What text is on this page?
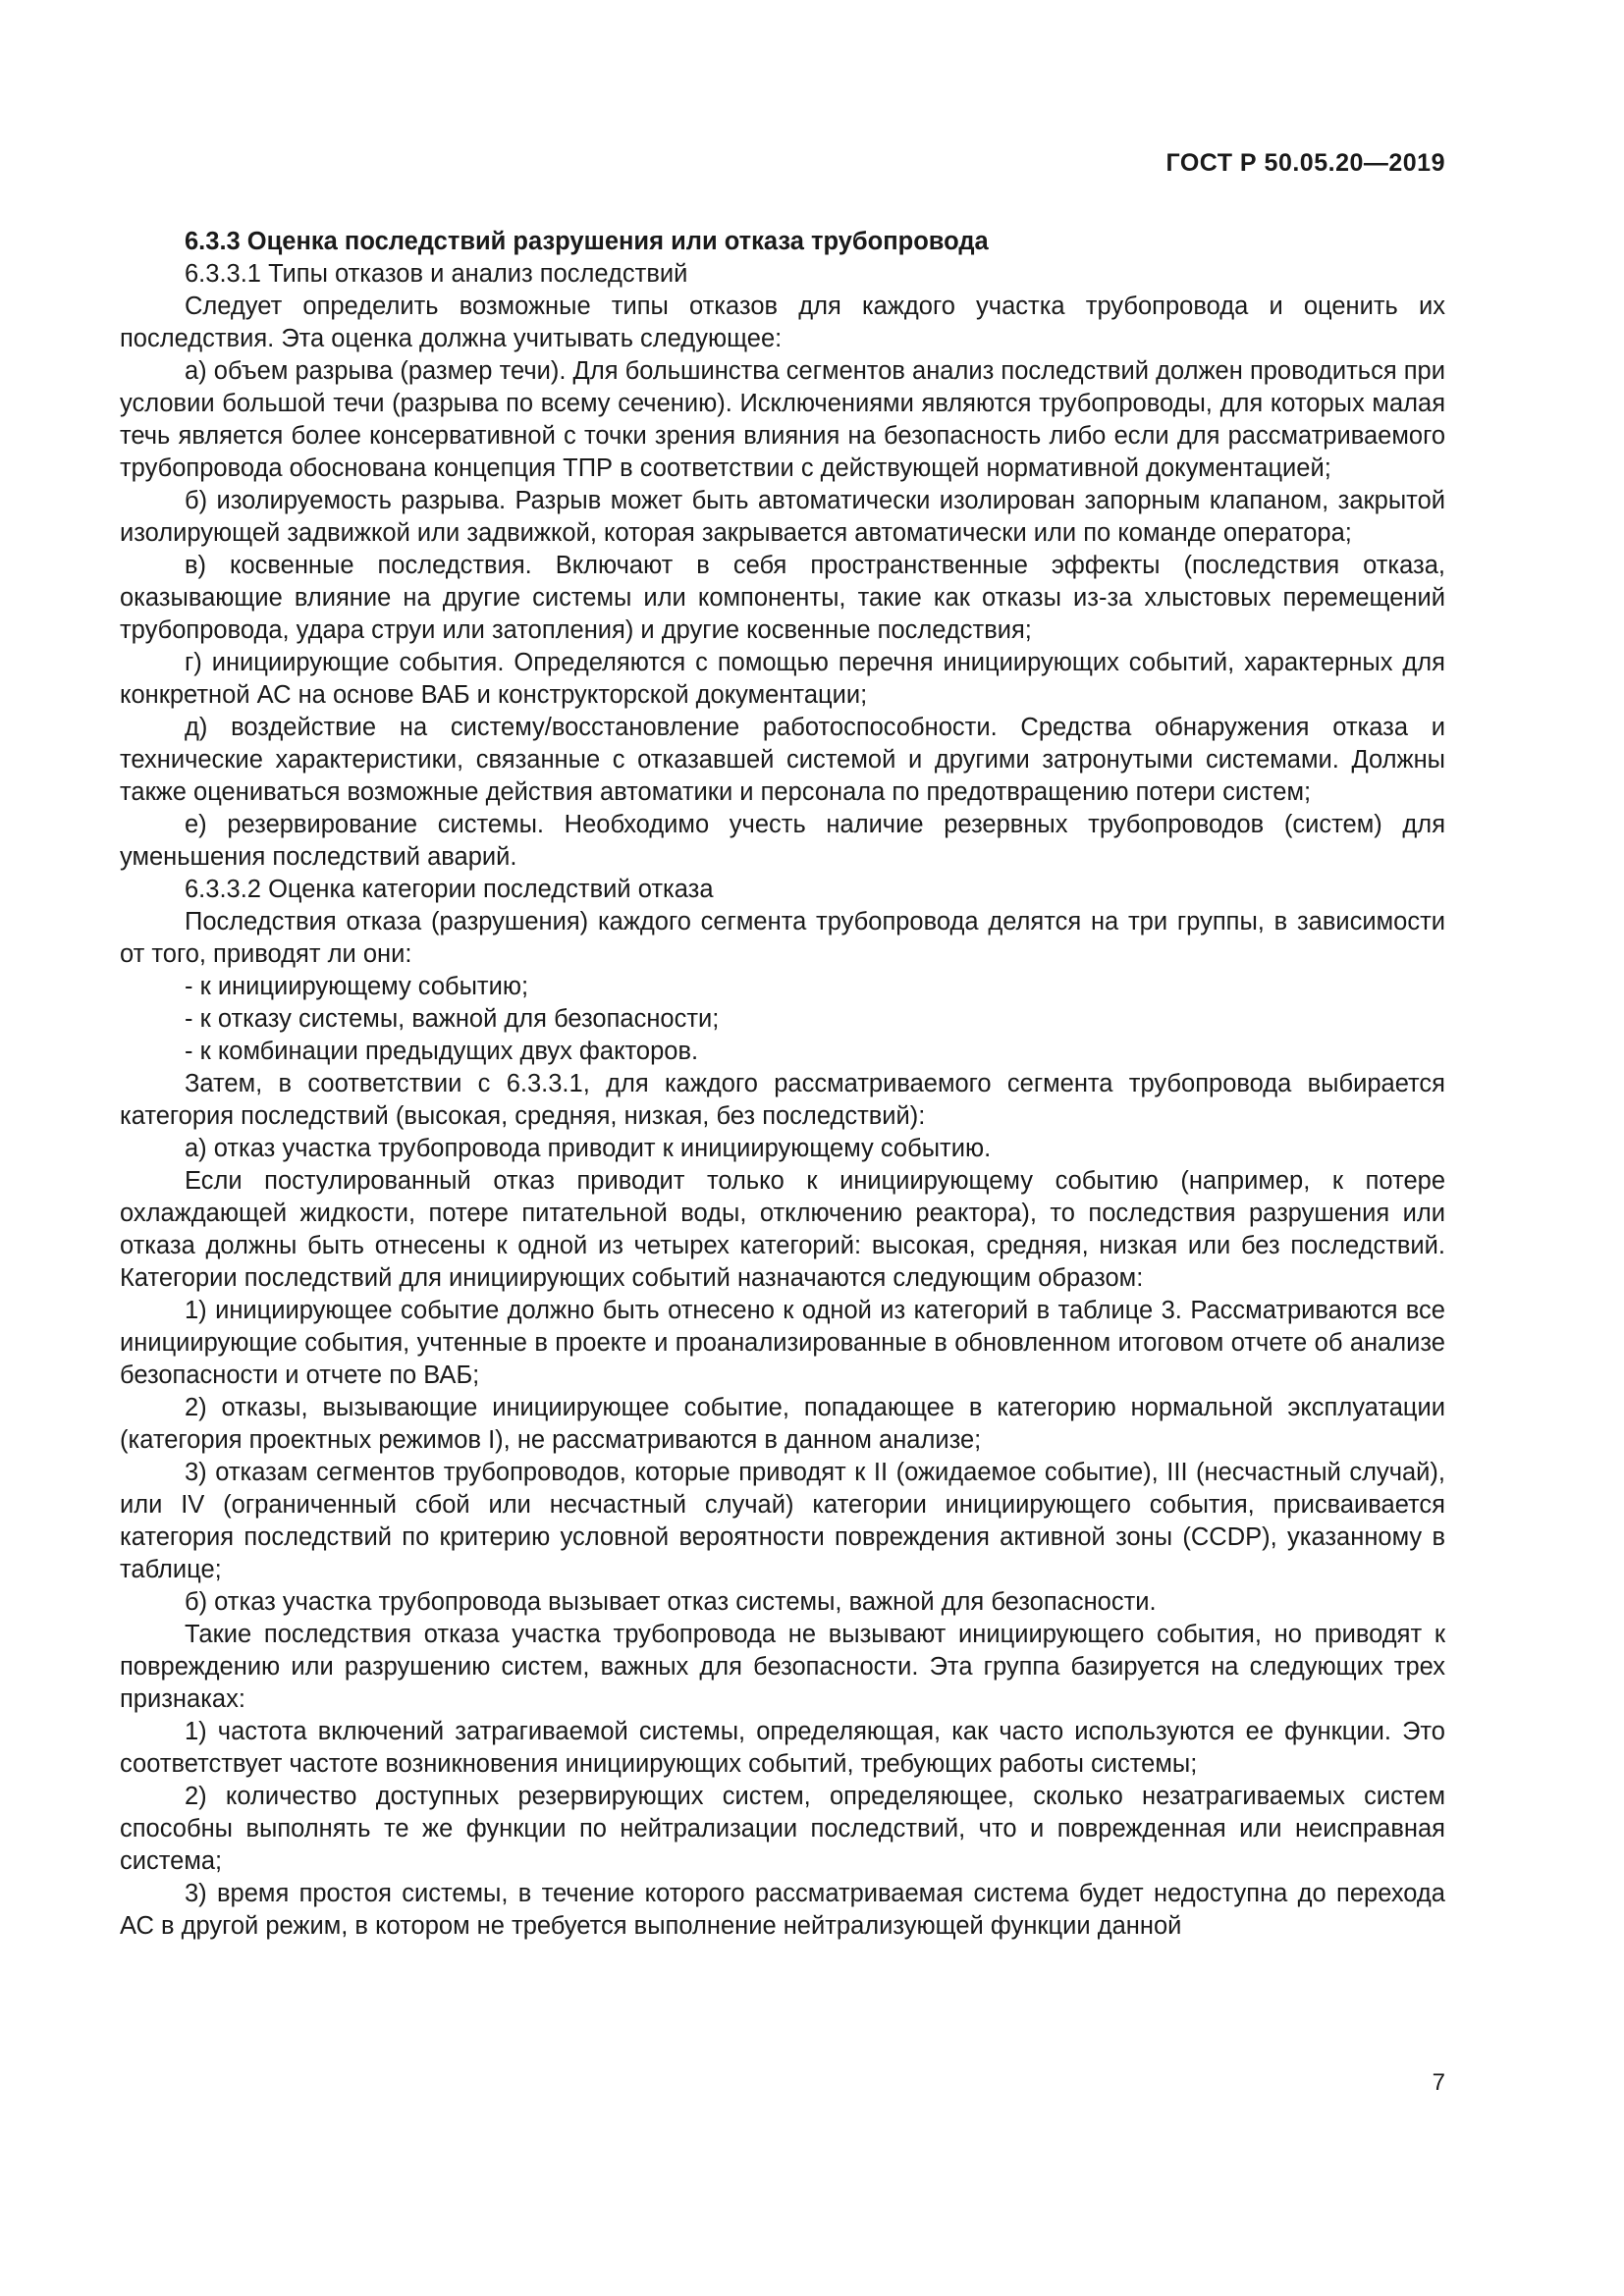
ГОСТ Р 50.05.20—2019

6.3.3 Оценка последствий разрушения или отказа трубопровода

6.3.3.1 Типы отказов и анализ последствий

Следует определить возможные типы отказов для каждого участка трубопровода и оценить их последствия. Эта оценка должна учитывать следующее:

а) объем разрыва (размер течи). Для большинства сегментов анализ последствий должен проводиться при условии большой течи (разрыва по всему сечению). Исключениями являются трубопроводы, для которых малая течь является более консервативной с точки зрения влияния на безопасность либо если для рассматриваемого трубопровода обоснована концепция ТПР в соответствии с действующей нормативной документацией;

б) изолируемость разрыва. Разрыв может быть автоматически изолирован запорным клапаном, закрытой изолирующей задвижкой или задвижкой, которая закрывается автоматически или по команде оператора;

в) косвенные последствия. Включают в себя пространственные эффекты (последствия отказа, оказывающие влияние на другие системы или компоненты, такие как отказы из-за хлыстовых перемещений трубопровода, удара струи или затопления) и другие косвенные последствия;

г) инициирующие события. Определяются с помощью перечня инициирующих событий, характерных для конкретной АС на основе ВАБ и конструкторской документации;

д) воздействие на систему/восстановление работоспособности. Средства обнаружения отказа и технические характеристики, связанные с отказавшей системой и другими затронутыми системами. Должны также оцениваться возможные действия автоматики и персонала по предотвращению потери систем;

е) резервирование системы. Необходимо учесть наличие резервных трубопроводов (систем) для уменьшения последствий аварий.

6.3.3.2 Оценка категории последствий отказа

Последствия отказа (разрушения) каждого сегмента трубопровода делятся на три группы, в зависимости от того, приводят ли они:

- к инициирующему событию;

- к отказу системы, важной для безопасности;

- к комбинации предыдущих двух факторов.

Затем, в соответствии с 6.3.3.1, для каждого рассматриваемого сегмента трубопровода выбирается категория последствий (высокая, средняя, низкая, без последствий):

а) отказ участка трубопровода приводит к инициирующему событию.

Если постулированный отказ приводит только к инициирующему событию (например, к потере охлаждающей жидкости, потере питательной воды, отключению реактора), то последствия разрушения или отказа должны быть отнесены к одной из четырех категорий: высокая, средняя, низкая или без последствий. Категории последствий для инициирующих событий назначаются следующим образом:

1) инициирующее событие должно быть отнесено к одной из категорий в таблице 3. Рассматриваются все инициирующие события, учтенные в проекте и проанализированные в обновленном итоговом отчете об анализе безопасности и отчете по ВАБ;

2) отказы, вызывающие инициирующее событие, попадающее в категорию нормальной эксплуатации (категория проектных режимов I), не рассматриваются в данном анализе;

3) отказам сегментов трубопроводов, которые приводят к II (ожидаемое событие), III (несчастный случай), или IV (ограниченный сбой или несчастный случай) категории инициирующего события, присваивается категория последствий по критерию условной вероятности повреждения активной зоны (CCDP), указанному в таблице;

б) отказ участка трубопровода вызывает отказ системы, важной для безопасности.

Такие последствия отказа участка трубопровода не вызывают инициирующего события, но приводят к повреждению или разрушению систем, важных для безопасности. Эта группа базируется на следующих трех признаках:

1) частота включений затрагиваемой системы, определяющая, как часто используются ее функции. Это соответствует частоте возникновения инициирующих событий, требующих работы системы;

2) количество доступных резервирующих систем, определяющее, сколько незатрагиваемых систем способны выполнять те же функции по нейтрализации последствий, что и поврежденная или неисправная система;

3) время простоя системы, в течение которого рассматриваемая система будет недоступна до перехода АС в другой режим, в котором не требуется выполнение нейтрализующей функции данной

7
